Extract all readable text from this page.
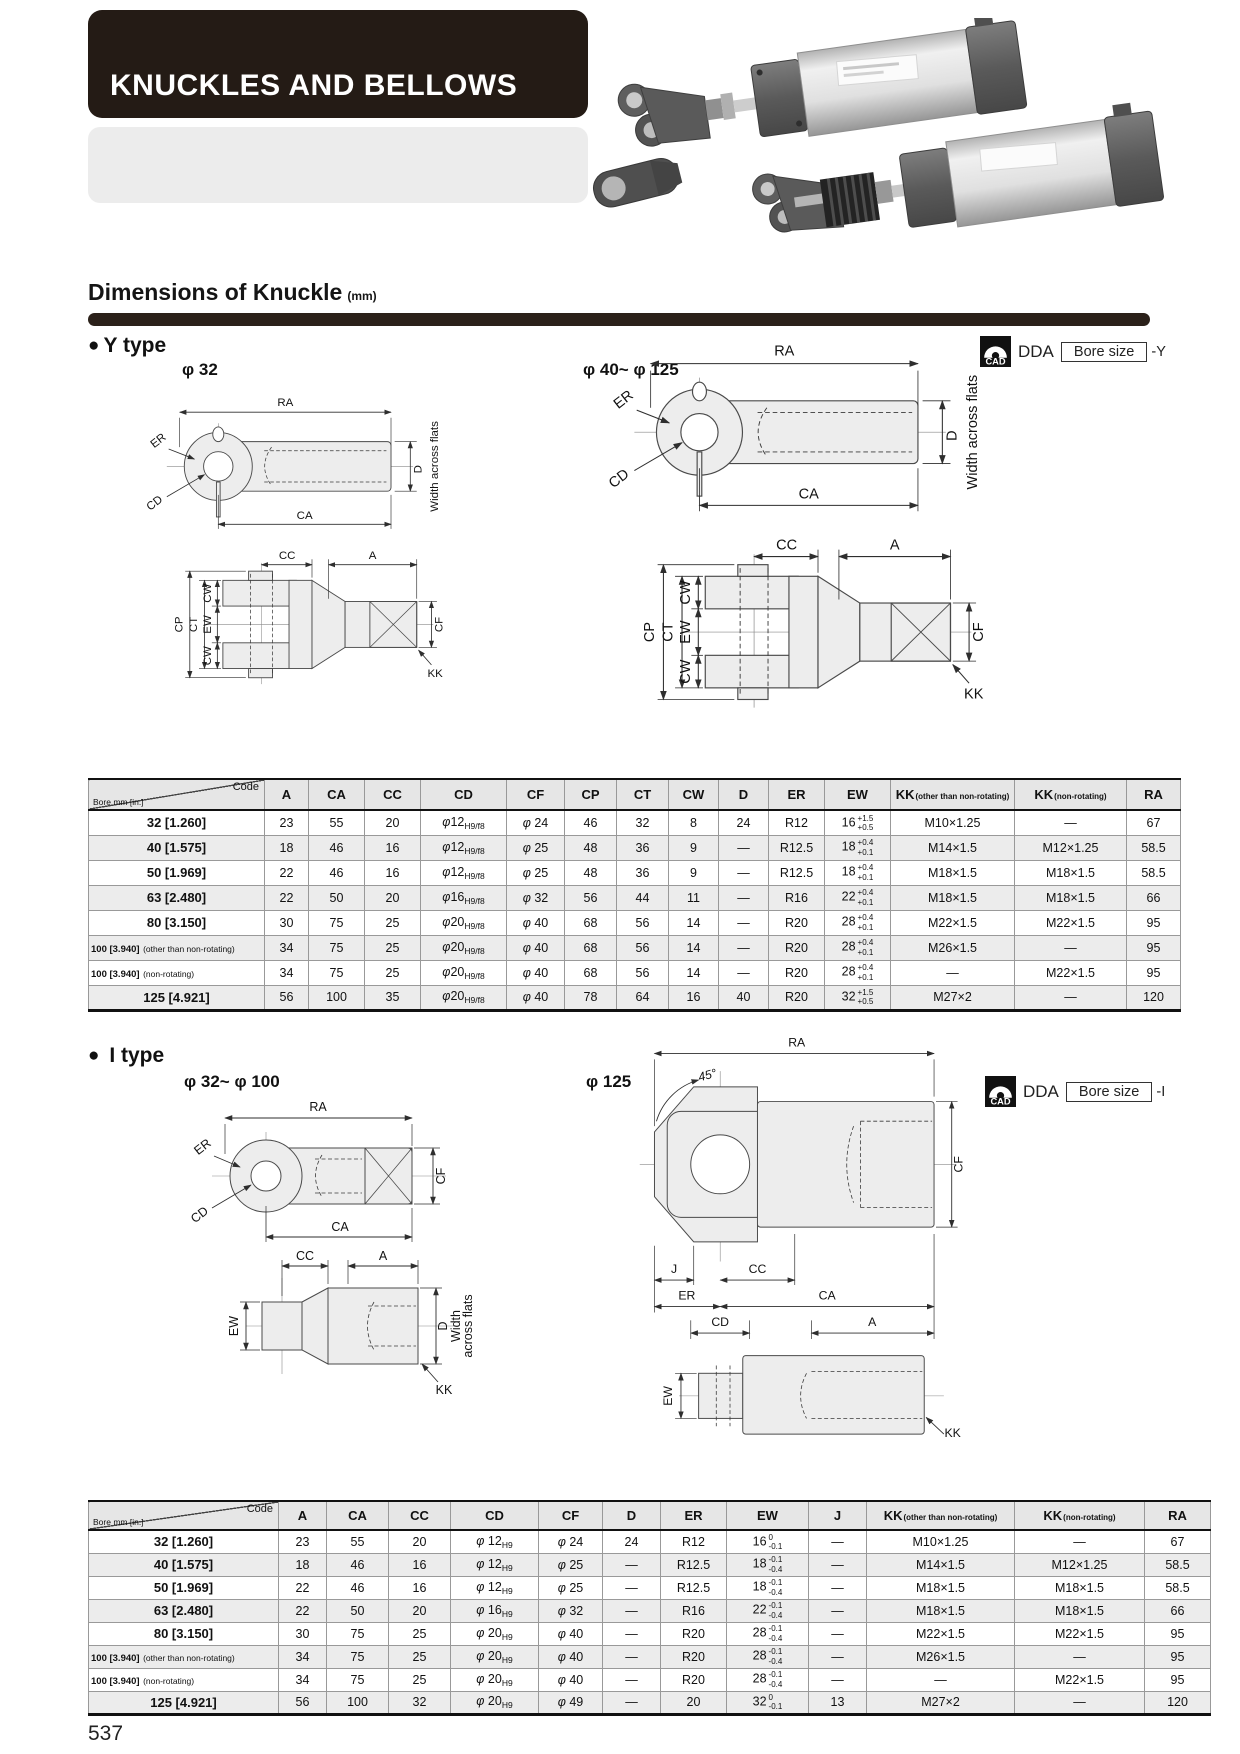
KNUCKLES AND BELLOWS
Dimensions of Knuckle (mm)
● Y type
φ 32	φ 40~ φ 125
RA
ER
CD
D Width across flats
CA
CC	A
CP CT
CW
EW
CW
CF
KK
RA
ER
CD
D Width across flats
CA
CC	A
CP CT
CW
EW
CW
CF
KK
CAD
DDA	Bore size	-Y
Code
Bore mm [in.]	A	CA	CC	CD	CF	CP	CT	CW	D	ER	EW	KK(other than non-rotating)	KK(non-rotating)	RA
32 [1.260]	23	55	20	$\varphi 12_{H9/f8}$	φ 24	46	32	8	24	R12	16 +1.5
+0.5	M10×1.25	—	67
40 [1.575]	18	46	16	$\varphi 12_{H9/f8}$	φ 25	48	36	9	—	R12.5	18 +0.4
+0.1	M14×1.5	M12×1.25	58.5
50 [1.969]	22	46	16	$\varphi 12_{H9/f8}$	φ 25	48	36	9	—	R12.5	18 +0.4
+0.1	M18×1.5	M18×1.5	58.5
63 [2.480]	22	50	20	$\varphi 16_{H9/f8}$	φ 32	56	44	11	—	R16	22 +0.4
+0.1	M18×1.5	M18×1.5	66
80 [3.150]	30	75	25	$\varphi 20_{H9/f8}$	φ 40	68	56	14	—	R20	28 +0.4
+0.1	M22×1.5	M22×1.5	95
100 [3.940] (other than non-rotating)	34	75	25	$\varphi 20_{H9/f8}$	φ 40	68	56	14	—	R20	28 +0.4
+0.1	M26×1.5	—	95
100 [3.940] (non-rotating)	34	75	25	$\varphi 20_{H9/f8}$	φ 40	68	56	14	—	R20	28 +0.4
+0.1	—	M22×1.5	95
125 [4.921]	56	100	35	$\varphi 20_{H9/f8}$	φ 40	78	64	16	40	R20	32 +1.5
+0.5	M27×2	—	120
● I type
φ 32~ φ 100	φ 125
RA
ER
CD
CF
CA
CC	A
EW	D Width
across flats
KK
RA
45°
CF
J	CC
ER	CA
CD	A
EW
KK
CAD
DDA	Bore size	-I
Code
Bore mm [in.]	A	CA	CC	CD	CF	D	ER	EW	J	KK(other than non-rotating)	KK(non-rotating)	RA
32 [1.260]	23	55	20	φ $12_{H9}$	φ 24	24	R12	16 0
-0.1	—	M10×1.25	—	67
40 [1.575]	18	46	16	φ $12_{H9}$	φ 25	—	R12.5	18 -0.1
-0.4	—	M14×1.5	M12×1.25	58.5
50 [1.969]	22	46	16	φ $12_{H9}$	φ 25	—	R12.5	18 -0.1
-0.4	—	M18×1.5	M18×1.5	58.5
63 [2.480]	22	50	20	φ $16_{H9}$	φ 32	—	R16	22 -0.1
-0.4	—	M18×1.5	M18×1.5	66
80 [3.150]	30	75	25	φ $20_{H9}$	φ 40	—	R20	28 -0.1
-0.4	—	M22×1.5	M22×1.5	95
100 [3.940] (other than non-rotating)	34	75	25	φ $20_{H9}$	φ 40	—	R20	28 -0.1
-0.4	—	M26×1.5	—	95
100 [3.940] (non-rotating)	34	75	25	φ $20_{H9}$	φ 40	—	R20	28 -0.1
-0.4	—	—	M22×1.5	95
125 [4.921]	56	100	32	φ $20_{H9}$	φ 49	—	20	32 0
-0.1	13	M27×2	—	120
537
